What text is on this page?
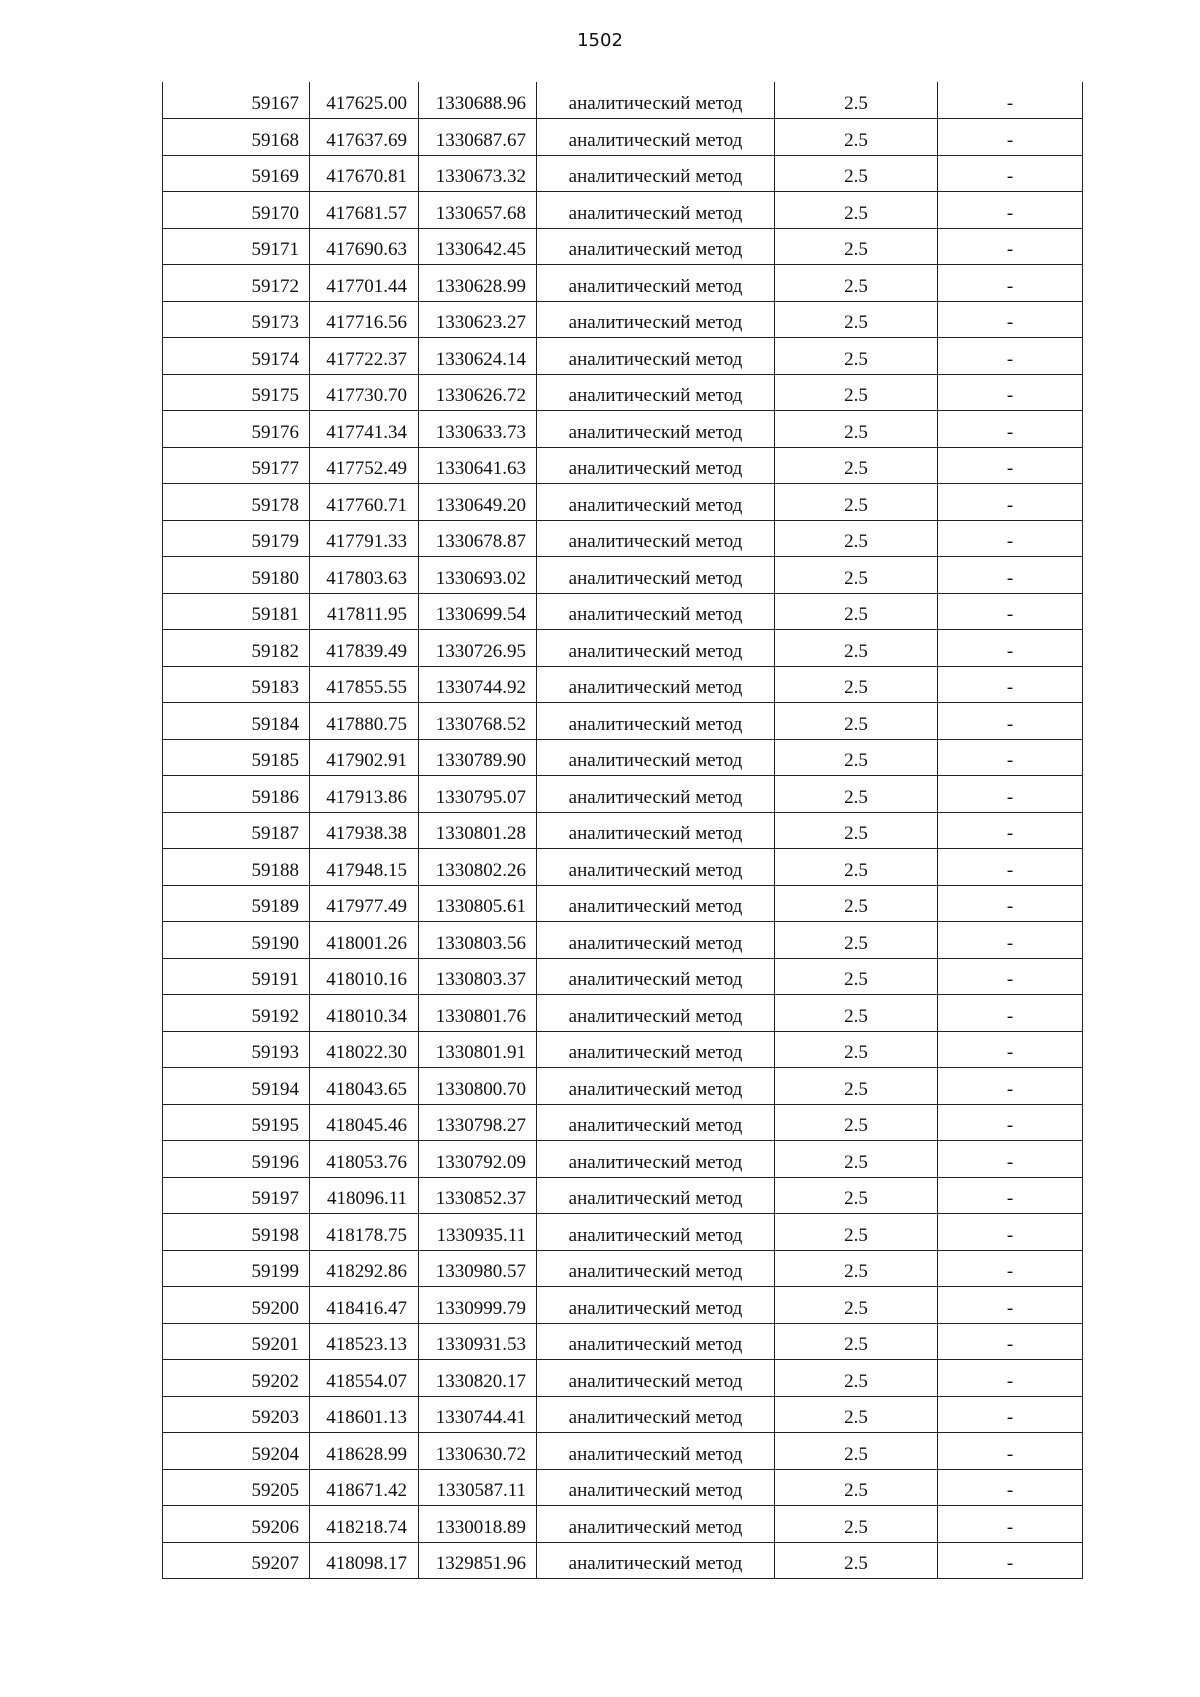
1502
59167	417625.00	1330688.96	аналитический метод	2.5	-
59168	417637.69	1330687.67	аналитический метод	2.5	-
59169	417670.81	1330673.32	аналитический метод	2.5	-
59170	417681.57	1330657.68	аналитический метод	2.5	-
59171	417690.63	1330642.45	аналитический метод	2.5	-
59172	417701.44	1330628.99	аналитический метод	2.5	-
59173	417716.56	1330623.27	аналитический метод	2.5	-
59174	417722.37	1330624.14	аналитический метод	2.5	-
59175	417730.70	1330626.72	аналитический метод	2.5	-
59176	417741.34	1330633.73	аналитический метод	2.5	-
59177	417752.49	1330641.63	аналитический метод	2.5	-
59178	417760.71	1330649.20	аналитический метод	2.5	-
59179	417791.33	1330678.87	аналитический метод	2.5	-
59180	417803.63	1330693.02	аналитический метод	2.5	-
59181	417811.95	1330699.54	аналитический метод	2.5	-
59182	417839.49	1330726.95	аналитический метод	2.5	-
59183	417855.55	1330744.92	аналитический метод	2.5	-
59184	417880.75	1330768.52	аналитический метод	2.5	-
59185	417902.91	1330789.90	аналитический метод	2.5	-
59186	417913.86	1330795.07	аналитический метод	2.5	-
59187	417938.38	1330801.28	аналитический метод	2.5	-
59188	417948.15	1330802.26	аналитический метод	2.5	-
59189	417977.49	1330805.61	аналитический метод	2.5	-
59190	418001.26	1330803.56	аналитический метод	2.5	-
59191	418010.16	1330803.37	аналитический метод	2.5	-
59192	418010.34	1330801.76	аналитический метод	2.5	-
59193	418022.30	1330801.91	аналитический метод	2.5	-
59194	418043.65	1330800.70	аналитический метод	2.5	-
59195	418045.46	1330798.27	аналитический метод	2.5	-
59196	418053.76	1330792.09	аналитический метод	2.5	-
59197	418096.11	1330852.37	аналитический метод	2.5	-
59198	418178.75	1330935.11	аналитический метод	2.5	-
59199	418292.86	1330980.57	аналитический метод	2.5	-
59200	418416.47	1330999.79	аналитический метод	2.5	-
59201	418523.13	1330931.53	аналитический метод	2.5	-
59202	418554.07	1330820.17	аналитический метод	2.5	-
59203	418601.13	1330744.41	аналитический метод	2.5	-
59204	418628.99	1330630.72	аналитический метод	2.5	-
59205	418671.42	1330587.11	аналитический метод	2.5	-
59206	418218.74	1330018.89	аналитический метод	2.5	-
59207	418098.17	1329851.96	аналитический метод	2.5	-
